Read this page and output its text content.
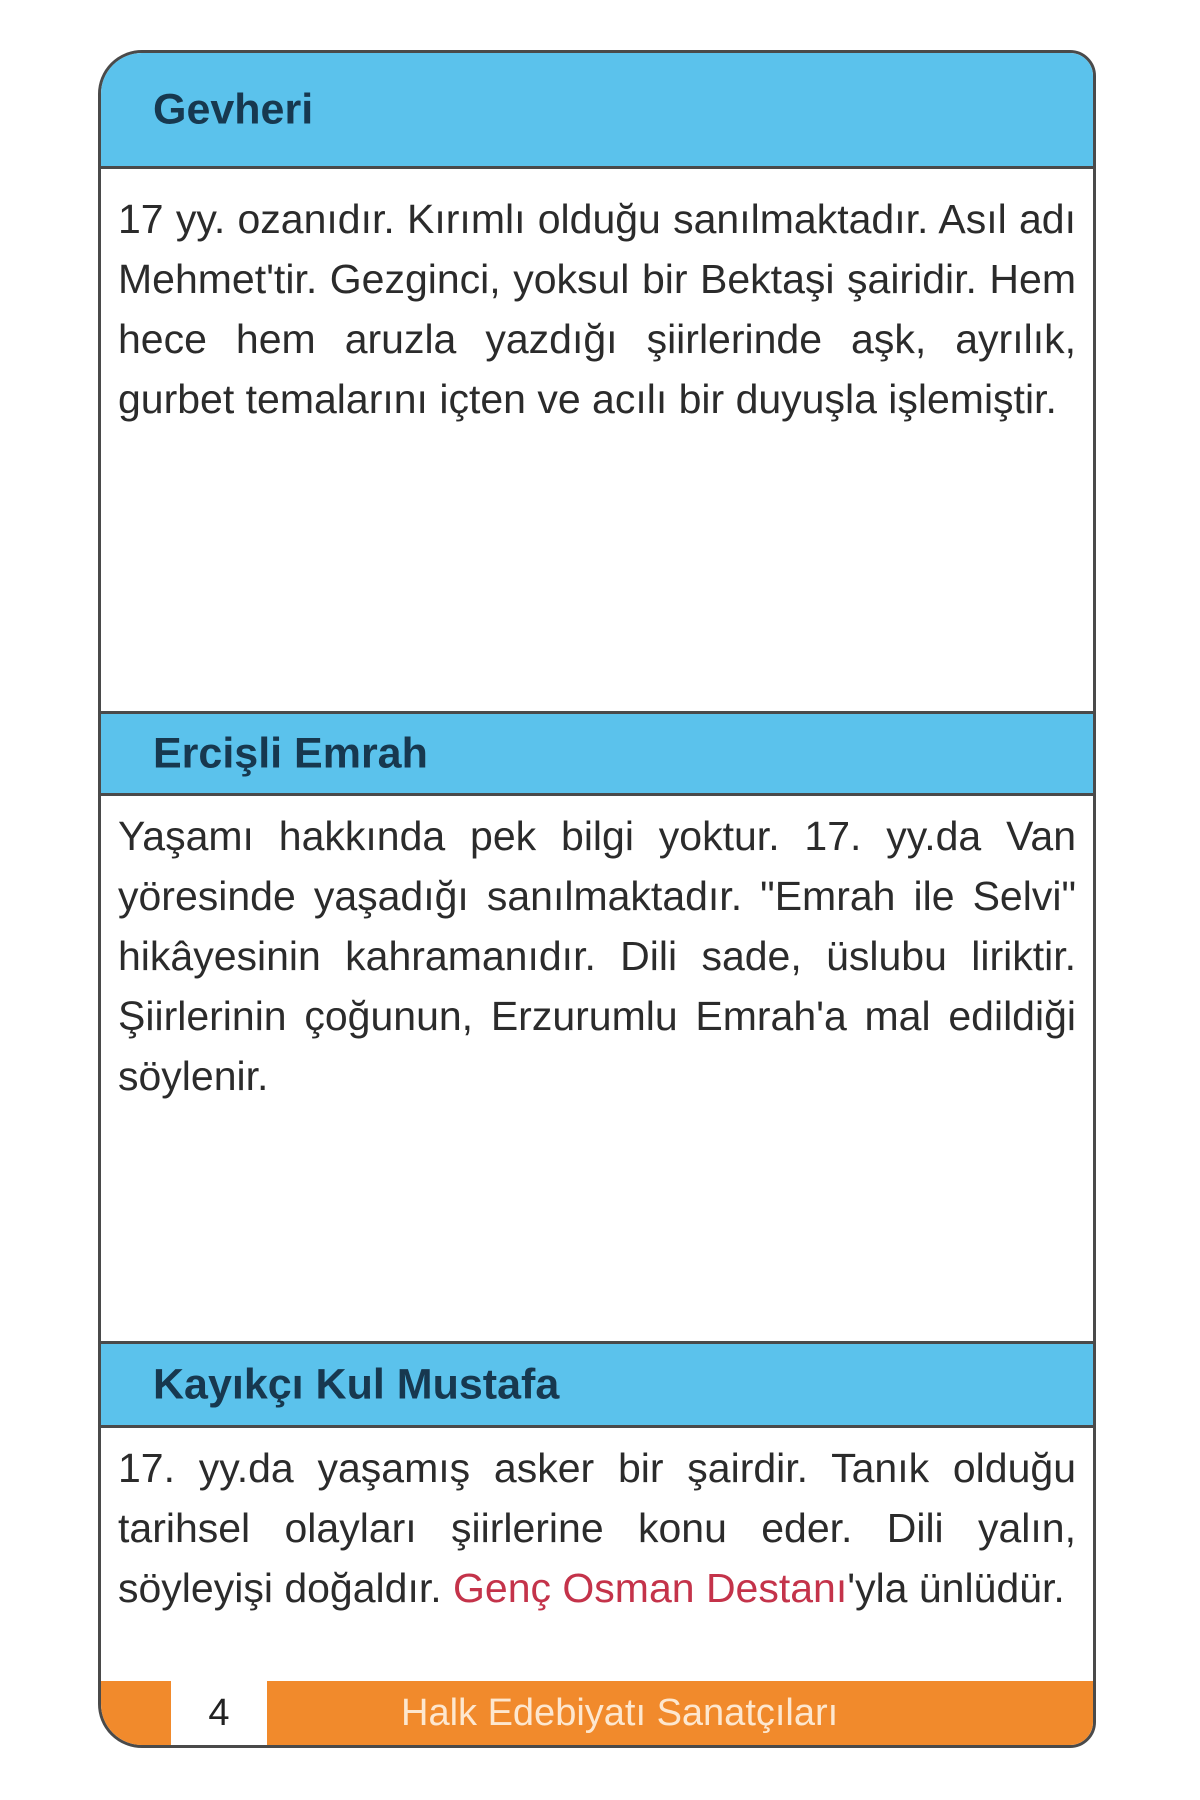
Gevheri

17 yy. ozanıdır. Kırımlı olduğu sanılmaktadır. Asıl adı Mehmet'tir. Gezginci, yoksul bir Bektaşi şairidir. Hem hece hem aruzla yazdığı şiirlerinde aşk, ayrılık, gurbet temalarını içten ve acılı bir duyuşla işlemiştir.

Ercişli Emrah

Yaşamı hakkında pek bilgi yoktur. 17. yy.da Van yöresinde yaşadığı sanılmaktadır. "Emrah ile Selvi" hikâyesinin kahramanıdır. Dili sade, üslubu liriktir. Şiirlerinin çoğunun, Erzurumlu Emrah'a mal edildiği söylenir.

Kayıkçı Kul Mustafa

17. yy.da yaşamış asker bir şairdir. Tanık olduğu tarihsel olayları şiirlerine konu eder. Dili yalın, söyleyişi doğaldır. Genç Osman Destanı'yla ünlüdür.

4	Halk Edebiyatı Sanatçıları
